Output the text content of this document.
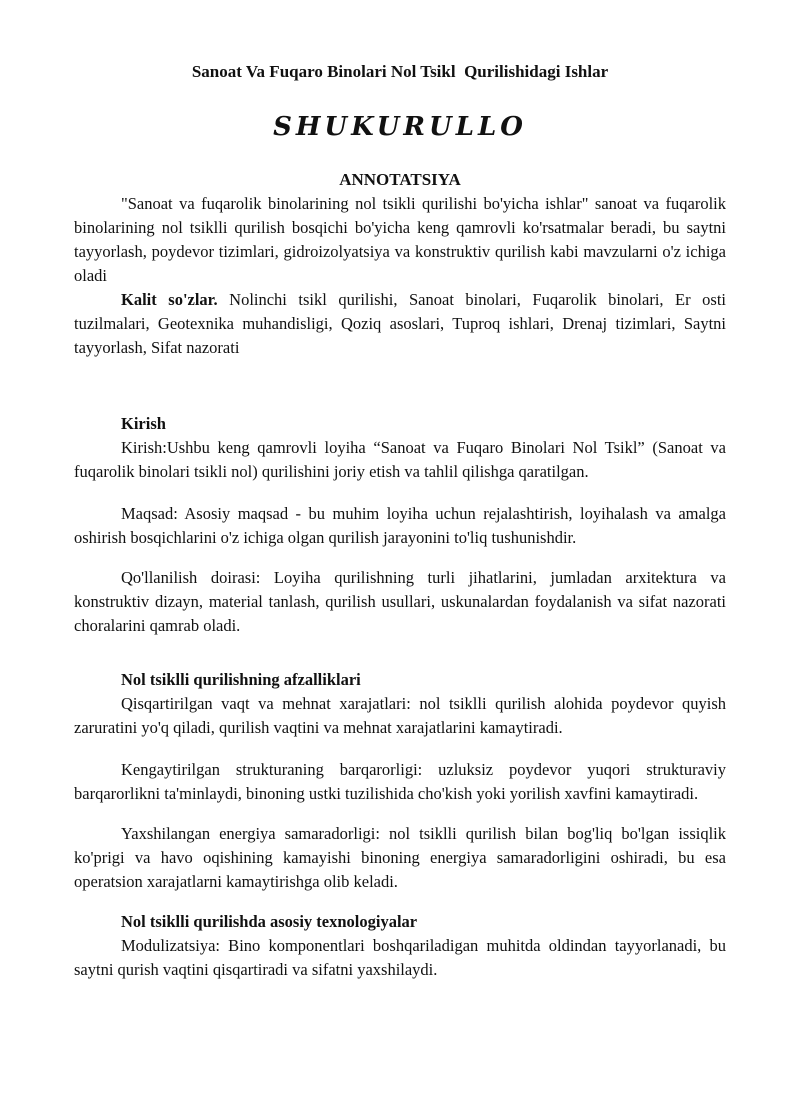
Sanoat Va Fuqaro Binolari Nol Tsikl  Qurilishidagi Ishlar
SHUKURULLO
ANNOTATSIYA

"Sanoat va fuqarolik binolarining nol tsikli qurilishi bo'yicha ishlar" sanoat va fuqarolik binolarining nol tsiklli qurilish bosqichi bo'yicha keng qamrovli ko'rsatmalar beradi, bu saytni tayyorlash, poydevor tizimlari, gidroizolyatsiya va konstruktiv qurilish kabi mavzularni o'z ichiga oladi

Kalit so'zlar. Nolinchi tsikl qurilishi, Sanoat binolari, Fuqarolik binolari, Er osti tuzilmalari, Geotexnika muhandisligi, Qoziq asoslari, Tuproq ishlari, Drenaj tizimlari, Saytni tayyorlash, Sifat nazorati

Kirish

Kirish:Ushbu keng qamrovli loyiha “Sanoat va Fuqaro Binolari Nol Tsikl” (Sanoat va fuqarolik binolari tsikli nol) qurilishini joriy etish va tahlil qilishga qaratilgan.

Maqsad: Asosiy maqsad - bu muhim loyiha uchun rejalashtirish, loyihalash va amalga oshirish bosqichlarini o'z ichiga olgan qurilish jarayonini to'liq tushunishdir.

Qo'llanilish doirasi: Loyiha qurilishning turli jihatlarini, jumladan arxitektura va konstruktiv dizayn, material tanlash, qurilish usullari, uskunalardan foydalanish va sifat nazorati choralarini qamrab oladi.

Nol tsiklli qurilishning afzalliklari

Qisqartirilgan vaqt va mehnat xarajatlari: nol tsiklli qurilish alohida poydevor quyish zaruratini yo'q qiladi, qurilish vaqtini va mehnat xarajatlarini kamaytiradi.

Kengaytirilgan strukturaning barqarorligi: uzluksiz poydevor yuqori strukturaviy barqarorlikni ta'minlaydi, binoning ustki tuzilishida cho'kish yoki yorilish xavfini kamaytiradi.

Yaxshilangan energiya samaradorligi: nol tsiklli qurilish bilan bog'liq bo'lgan issiqlik ko'prigi va havo oqishining kamayishi binoning energiya samaradorligini oshiradi, bu esa operatsion xarajatlarni kamaytirishga olib keladi.

Nol tsiklli qurilishda asosiy texnologiyalar

Modulizatsiya: Bino komponentlari boshqariladigan muhitda oldindan tayyorlanadi, bu saytni qurish vaqtini qisqartiradi va sifatni yaxshilaydi.
